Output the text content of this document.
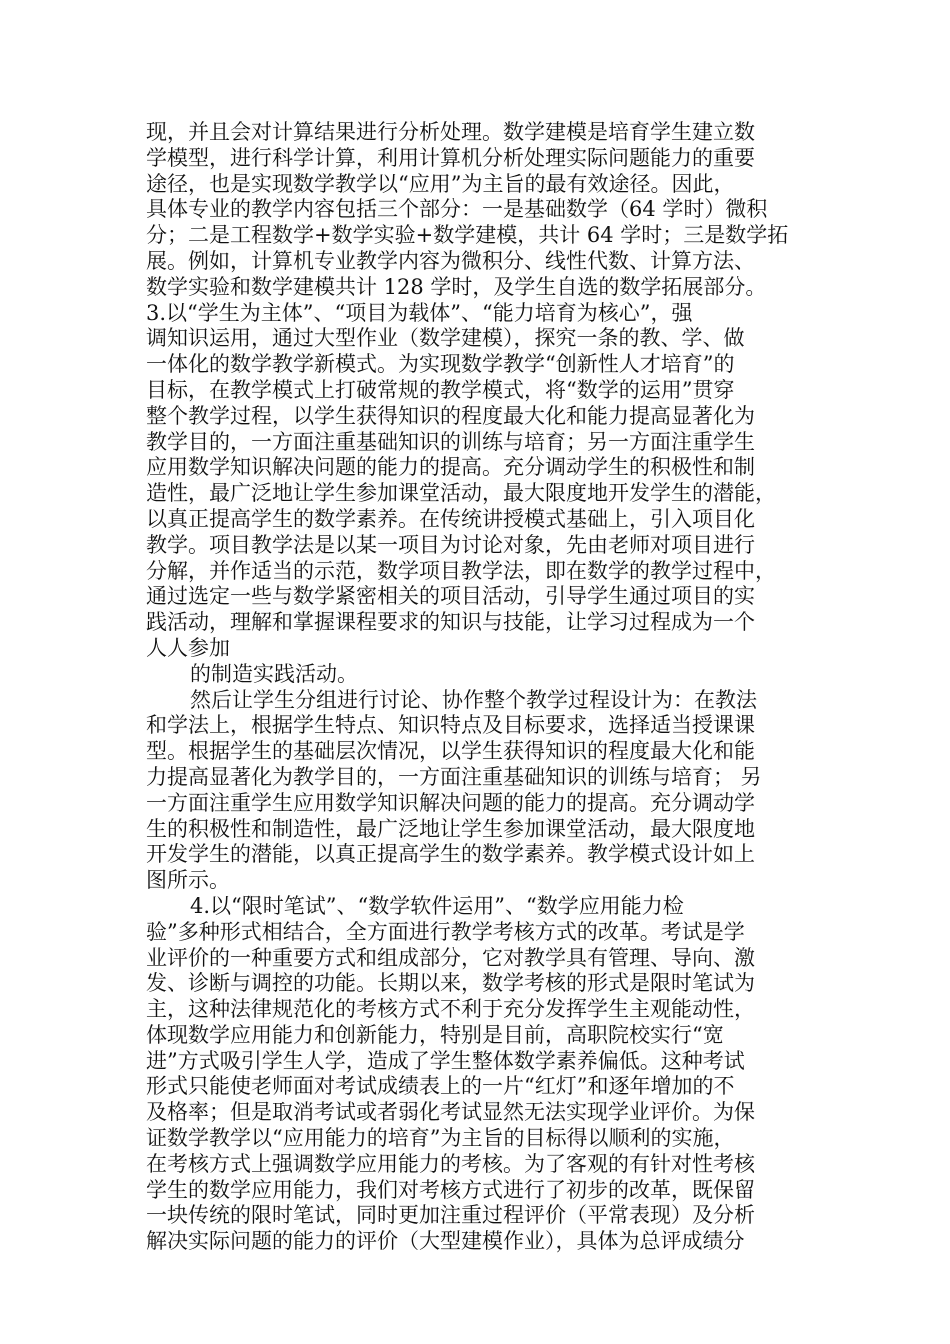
现，并且会对计算结果进行分析处理。数学建模是培育学生建立数
学模型，进行科学计算，利用计算机分析处理实际问题能力的重要
途径，也是实现数学教学以“应用”为主旨的最有效途径。因此，
具体专业的教学内容包括三个部分：一是基础数学（64 学时）微积
分；二是工程数学+数学实验+数学建模，共计 64 学时；三是数学拓
展。例如，计算机专业教学内容为微积分、线性代数、计算方法、
数学实验和数学建模共计 128 学时，及学生自选的数学拓展部分。
3.以“学生为主体”、“项目为载体”、“能力培育为核心”，强
调知识运用，通过大型作业（数学建模），探究一条的教、学、做
一体化的数学教学新模式。为实现数学教学“创新性人才培育”的
目标，在教学模式上打破常规的教学模式，将“数学的运用”贯穿
整个教学过程，以学生获得知识的程度最大化和能力提高显著化为
教学目的，一方面注重基础知识的训练与培育；另一方面注重学生
应用数学知识解决问题的能力的提高。充分调动学生的积极性和制
造性，最广泛地让学生参加课堂活动，最大限度地开发学生的潜能，
以真正提高学生的数学素养。在传统讲授模式基础上，引入项目化
教学。项目教学法是以某一项目为讨论对象，先由老师对项目进行
分解，并作适当的示范，数学项目教学法，即在数学的教学过程中，
通过选定一些与数学紧密相关的项目活动，引导学生通过项目的实
践活动，理解和掌握课程要求的知识与技能，让学习过程成为一个
人人参加
的制造实践活动。
然后让学生分组进行讨论、协作整个教学过程设计为：在教法
和学法上，根据学生特点、知识特点及目标要求，选择适当授课课
型。根据学生的基础层次情况，以学生获得知识的程度最大化和能
力提高显著化为教学目的，一方面注重基础知识的训练与培育； 另
一方面注重学生应用数学知识解决问题的能力的提高。充分调动学
生的积极性和制造性，最广泛地让学生参加课堂活动，最大限度地
开发学生的潜能，以真正提高学生的数学素养。教学模式设计如上
图所示。
4.以“限时笔试”、“数学软件运用”、“数学应用能力检
验”多种形式相结合，全方面进行教学考核方式的改革。考试是学
业评价的一种重要方式和组成部分，它对教学具有管理、导向、激
发、诊断与调控的功能。长期以来，数学考核的形式是限时笔试为
主，这种法律规范化的考核方式不利于充分发挥学生主观能动性，
体现数学应用能力和创新能力，特别是目前，高职院校实行“宽
进”方式吸引学生人学，造成了学生整体数学素养偏低。这种考试
形式只能使老师面对考试成绩表上的一片“红灯”和逐年增加的不
及格率；但是取消考试或者弱化考试显然无法实现学业评价。为保
证数学教学以“应用能力的培育”为主旨的目标得以顺利的实施，
在考核方式上强调数学应用能力的考核。为了客观的有针对性考核
学生的数学应用能力，我们对考核方式进行了初步的改革，既保留
一块传统的限时笔试，同时更加注重过程评价（平常表现）及分析
解决实际问题的能力的评价（大型建模作业），具体为总评成绩分
